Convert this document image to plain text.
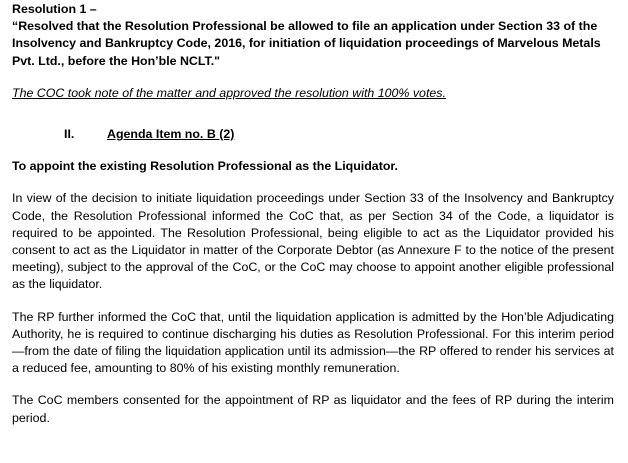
Resolution 1 –

“Resolved that the Resolution Professional be allowed to file an application under Section 33 of the Insolvency and Bankruptcy Code, 2016, for initiation of liquidation proceedings of Marvelous Metals Pvt. Ltd., before the Hon’ble NCLT."

The COC took note of the matter and approved the resolution with 100% votes.

II.	Agenda Item no. B (2)

To appoint the existing Resolution Professional as the Liquidator.

In view of the decision to initiate liquidation proceedings under Section 33 of the Insolvency and Bankruptcy Code, the Resolution Professional informed the CoC that, as per Section 34 of the Code, a liquidator is required to be appointed. The Resolution Professional, being eligible to act as the Liquidator provided his consent to act as the Liquidator in matter of the Corporate Debtor (as Annexure F to the notice of the present meeting), subject to the approval of the CoC, or the CoC may choose to appoint another eligible professional as the liquidator.

The RP further informed the CoC that, until the liquidation application is admitted by the Hon’ble Adjudicating Authority, he is required to continue discharging his duties as Resolution Professional. For this interim period—from the date of filing the liquidation application until its admission—the RP offered to render his services at a reduced fee, amounting to 80% of his existing monthly remuneration.

The CoC members consented for the appointment of RP as liquidator and the fees of RP during the interim period.
